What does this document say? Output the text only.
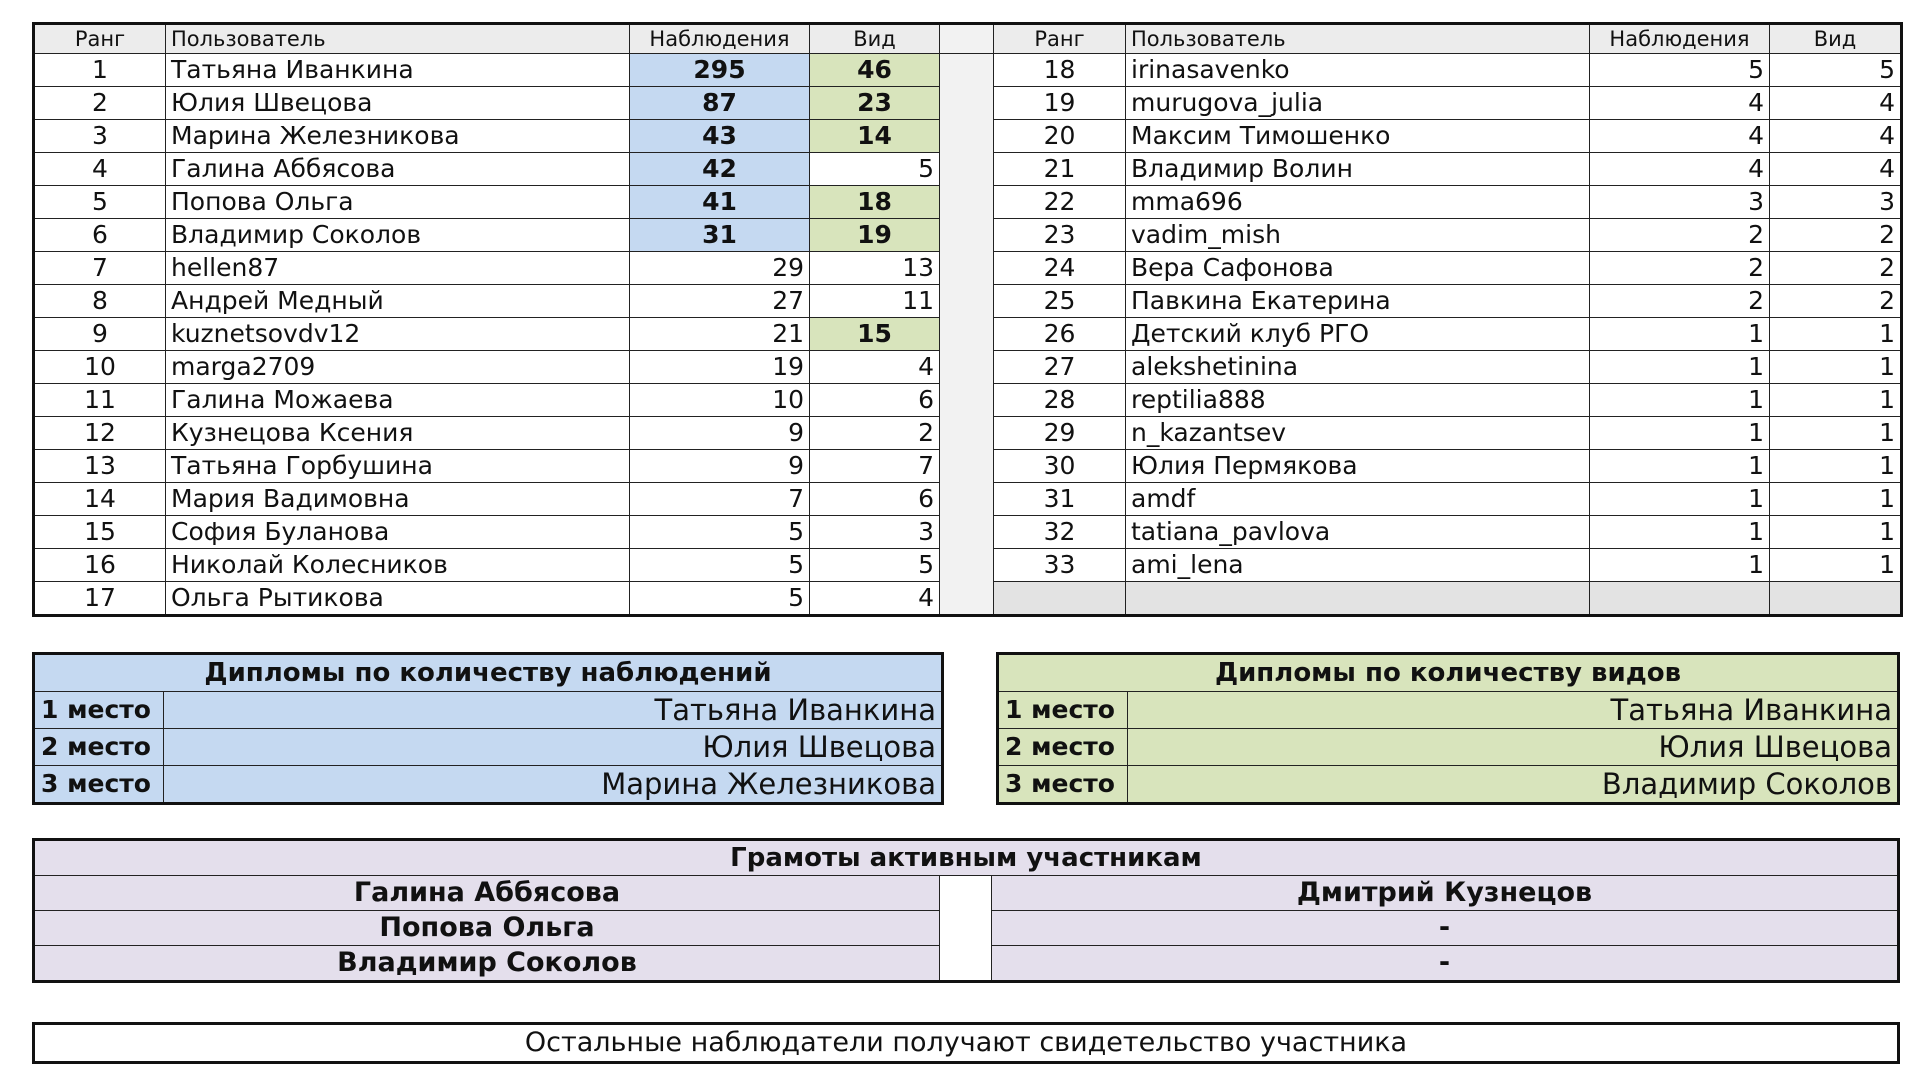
Ранг	Пользователь	Наблюдения	Вид		Ранг	Пользователь	Наблюдения	Вид
1	Татьяна Иванкина	295	46		18	irinasavenko	5	5
2	Юлия Швецова	87	23		19	murugova_julia	4	4
3	Марина Железникова	43	14		20	Максим Тимошенко	4	4
4	Галина Аббясова	42	5		21	Владимир Волин	4	4
5	Попова Ольга	41	18		22	mma696	3	3
6	Владимир Соколов	31	19		23	vadim_mish	2	2
7	hellen87	29	13		24	Вера Сафонова	2	2
8	Андрей Медный	27	11		25	Павкина Екатерина	2	2
9	kuznetsovdv12	21	15		26	Детский клуб РГО	1	1
10	marga2709	19	4		27	alekshetinina	1	1
11	Галина Можаева	10	6		28	reptilia888	1	1
12	Кузнецова Ксения	9	2		29	n_kazantsev	1	1
13	Татьяна Горбушина	9	7		30	Юлия Пермякова	1	1
14	Мария Вадимовна	7	6		31	amdf	1	1
15	София Буланова	5	3		32	tatiana_pavlova	1	1
16	Николай Колесников	5	5		33	ami_lena	1	1
17	Ольга Рытикова	5	4					
Дипломы по количеству наблюдений	
1 место	Татьяна Иванкина
2 место	Юлия Швецова
3 место	Марина Железникова
Дипломы по количеству видов	
1 место	Татьяна Иванкина
2 место	Юлия Швецова
3 место	Владимир Соколов
Грамоты активным участникам		
Галина Аббясова		Дмитрий Кузнецов
Попова Ольга		-
Владимир Соколов		-
Остальные наблюдатели получают свидетельство участника
